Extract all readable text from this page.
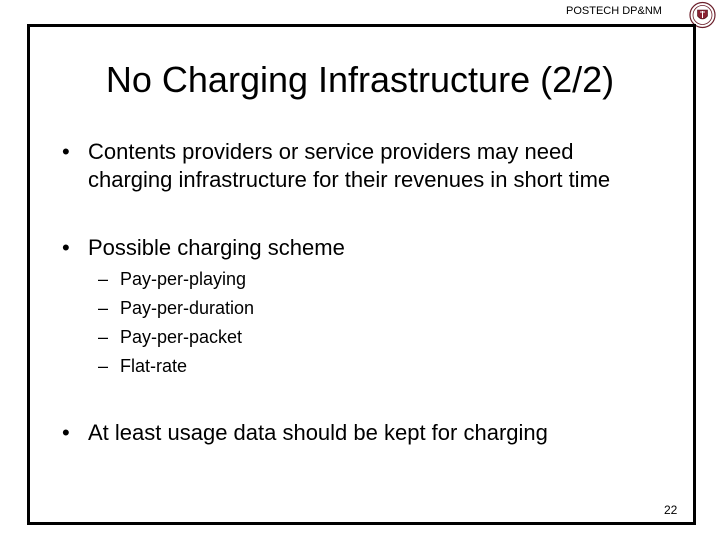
POSTECH DP&NM
No Charging Infrastructure (2/2)
• Contents providers or service providers may need
charging infrastructure for their revenues in short time
• Possible charging scheme
– Pay-per-playing
– Pay-per-duration
– Pay-per-packet
– Flat-rate
• At least usage data should be kept for charging
22
